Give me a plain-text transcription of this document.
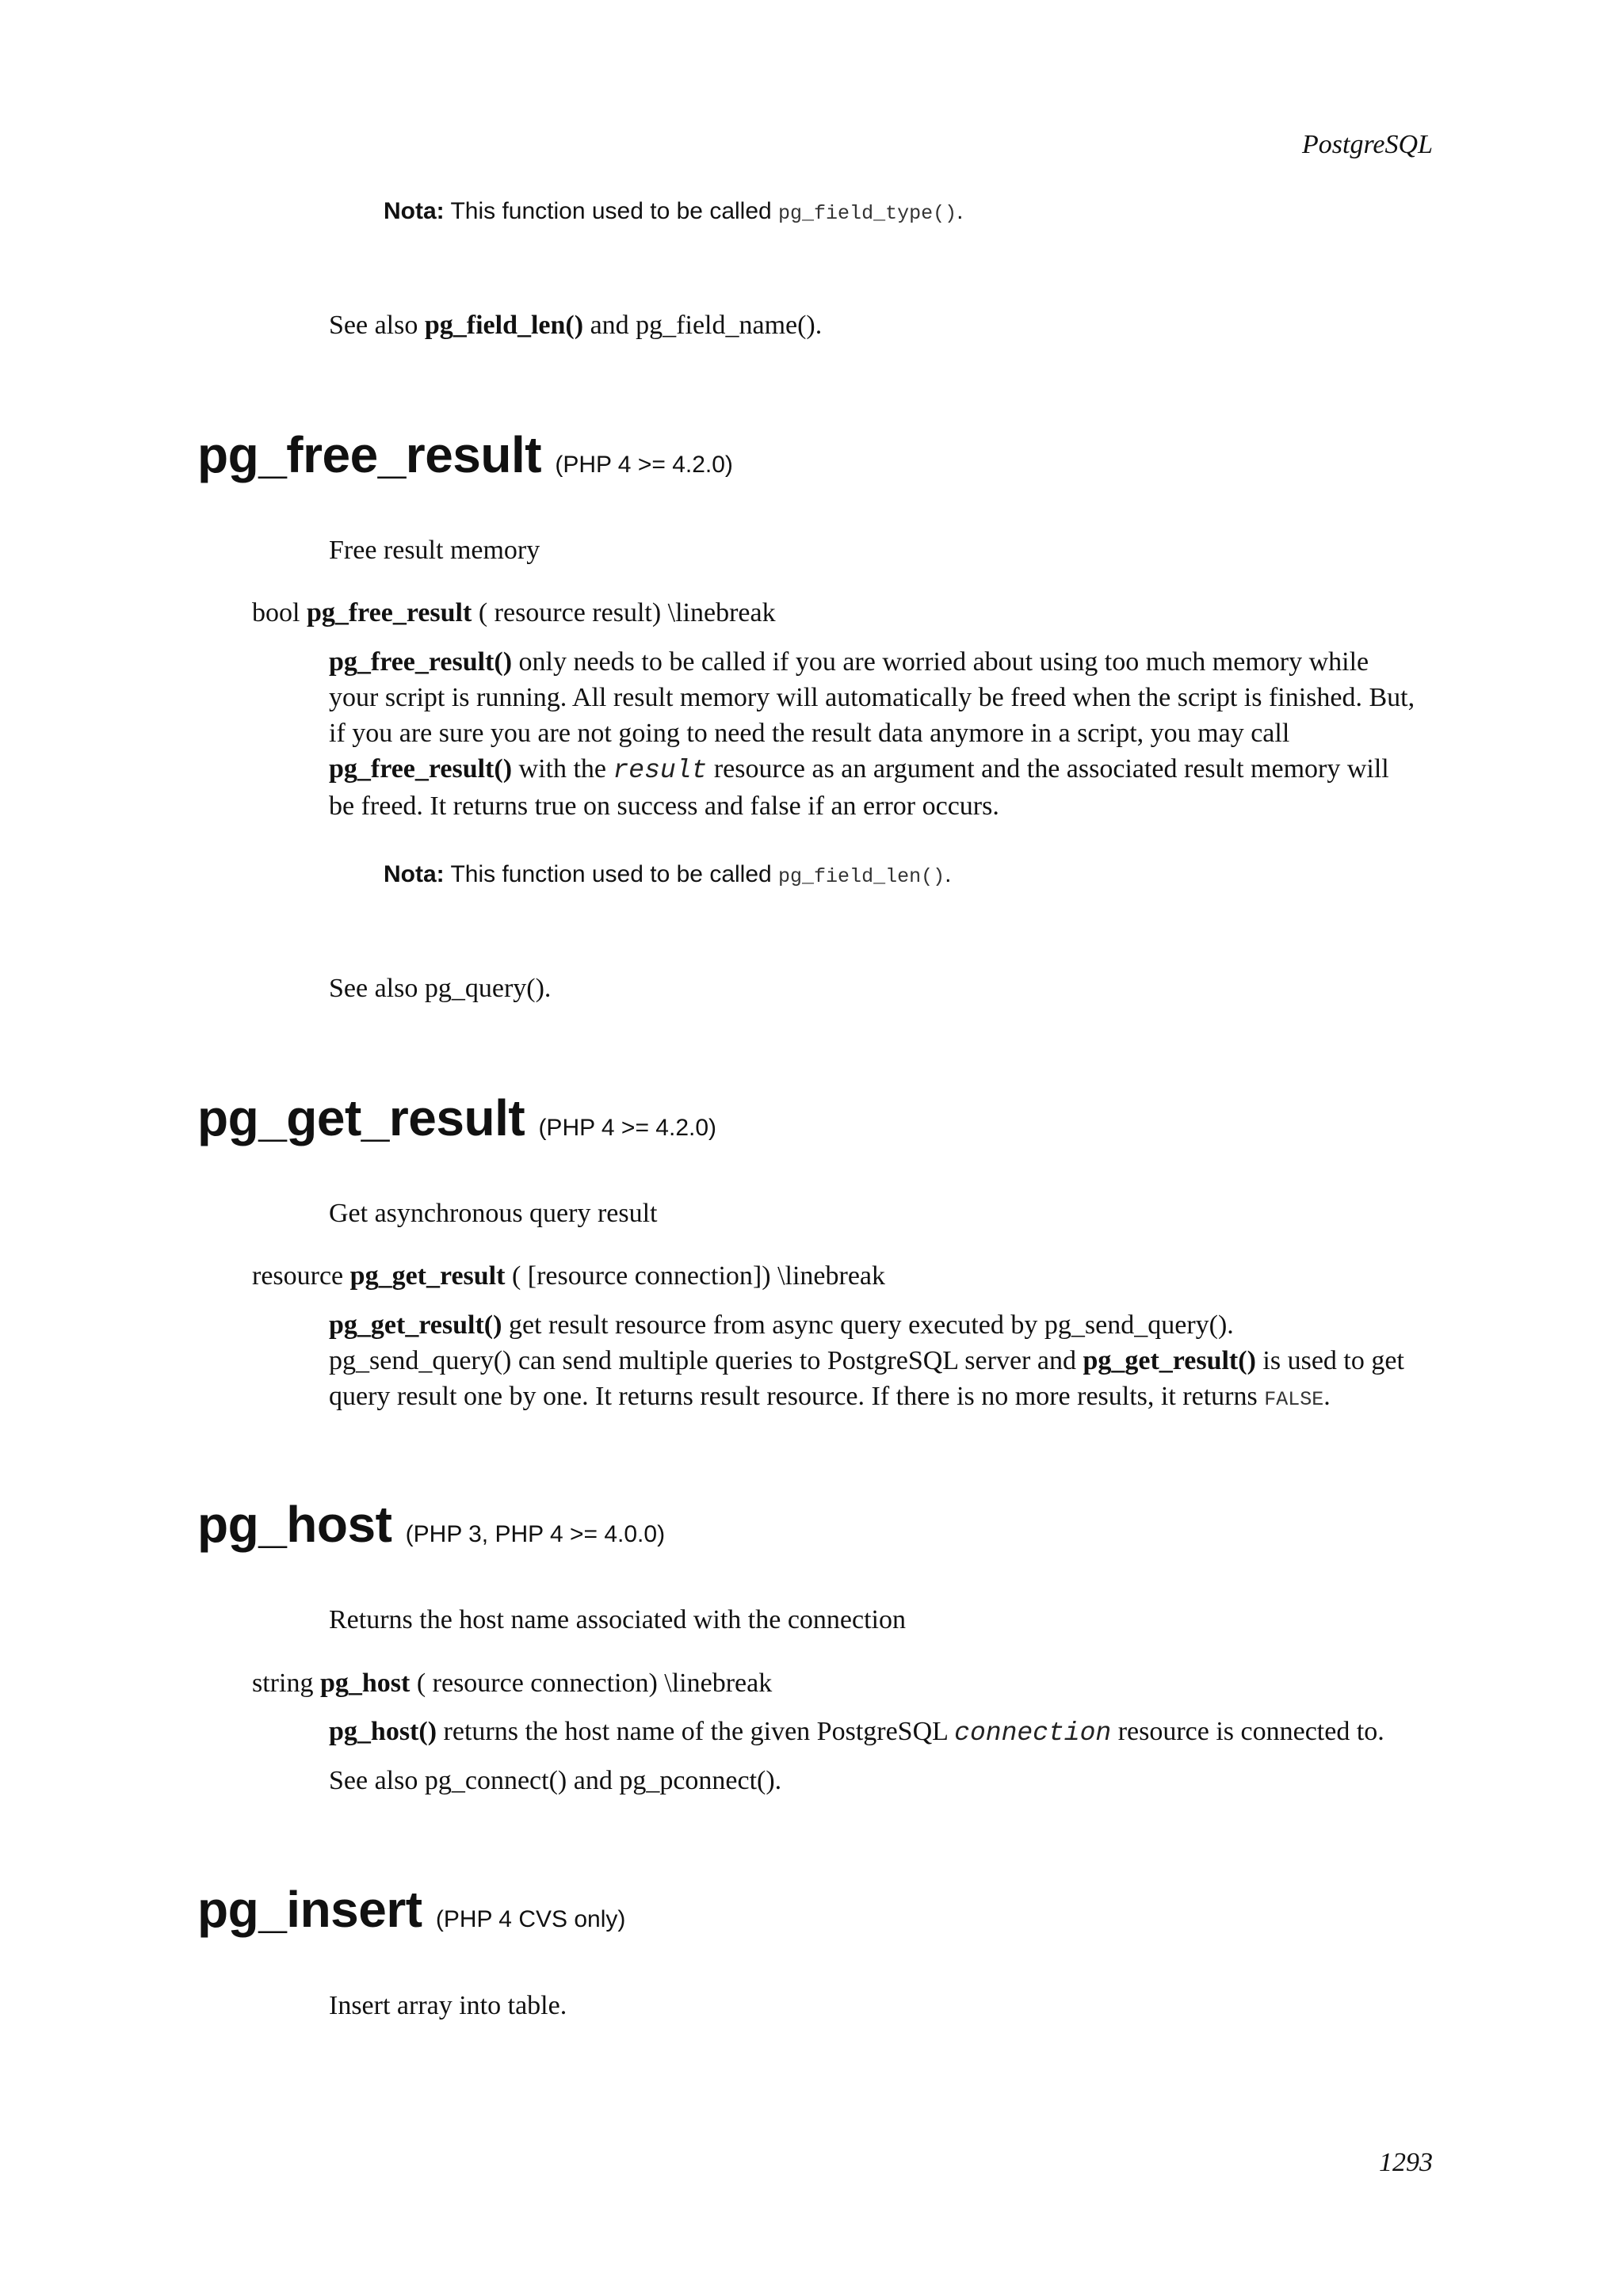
PostgreSQL
Nota: This function used to be called pg_field_type().
See also pg_field_len() and pg_field_name().
pg_free_result (PHP 4 >= 4.2.0)
Free result memory
bool pg_free_result ( resource result) \linebreak
pg_free_result() only needs to be called if you are worried about using too much memory while
your script is running. All result memory will automatically be freed when the script is finished. But,
if you are sure you are not going to need the result data anymore in a script, you may call
pg_free_result() with the result resource as an argument and the associated result memory will
be freed. It returns true on success and false if an error occurs.
Nota: This function used to be called pg_field_len().
See also pg_query().
pg_get_result (PHP 4 >= 4.2.0)
Get asynchronous query result
resource pg_get_result ( [resource connection]) \linebreak
pg_get_result() get result resource from async query executed by pg_send_query().
pg_send_query() can send multiple queries to PostgreSQL server and pg_get_result() is used to get
query result one by one. It returns result resource. If there is no more results, it returns FALSE.
pg_host (PHP 3, PHP 4 >= 4.0.0)
Returns the host name associated with the connection
string pg_host ( resource connection) \linebreak
pg_host() returns the host name of the given PostgreSQL connection resource is connected to.
See also pg_connect() and pg_pconnect().
pg_insert (PHP 4 CVS only)
Insert array into table.
1293
